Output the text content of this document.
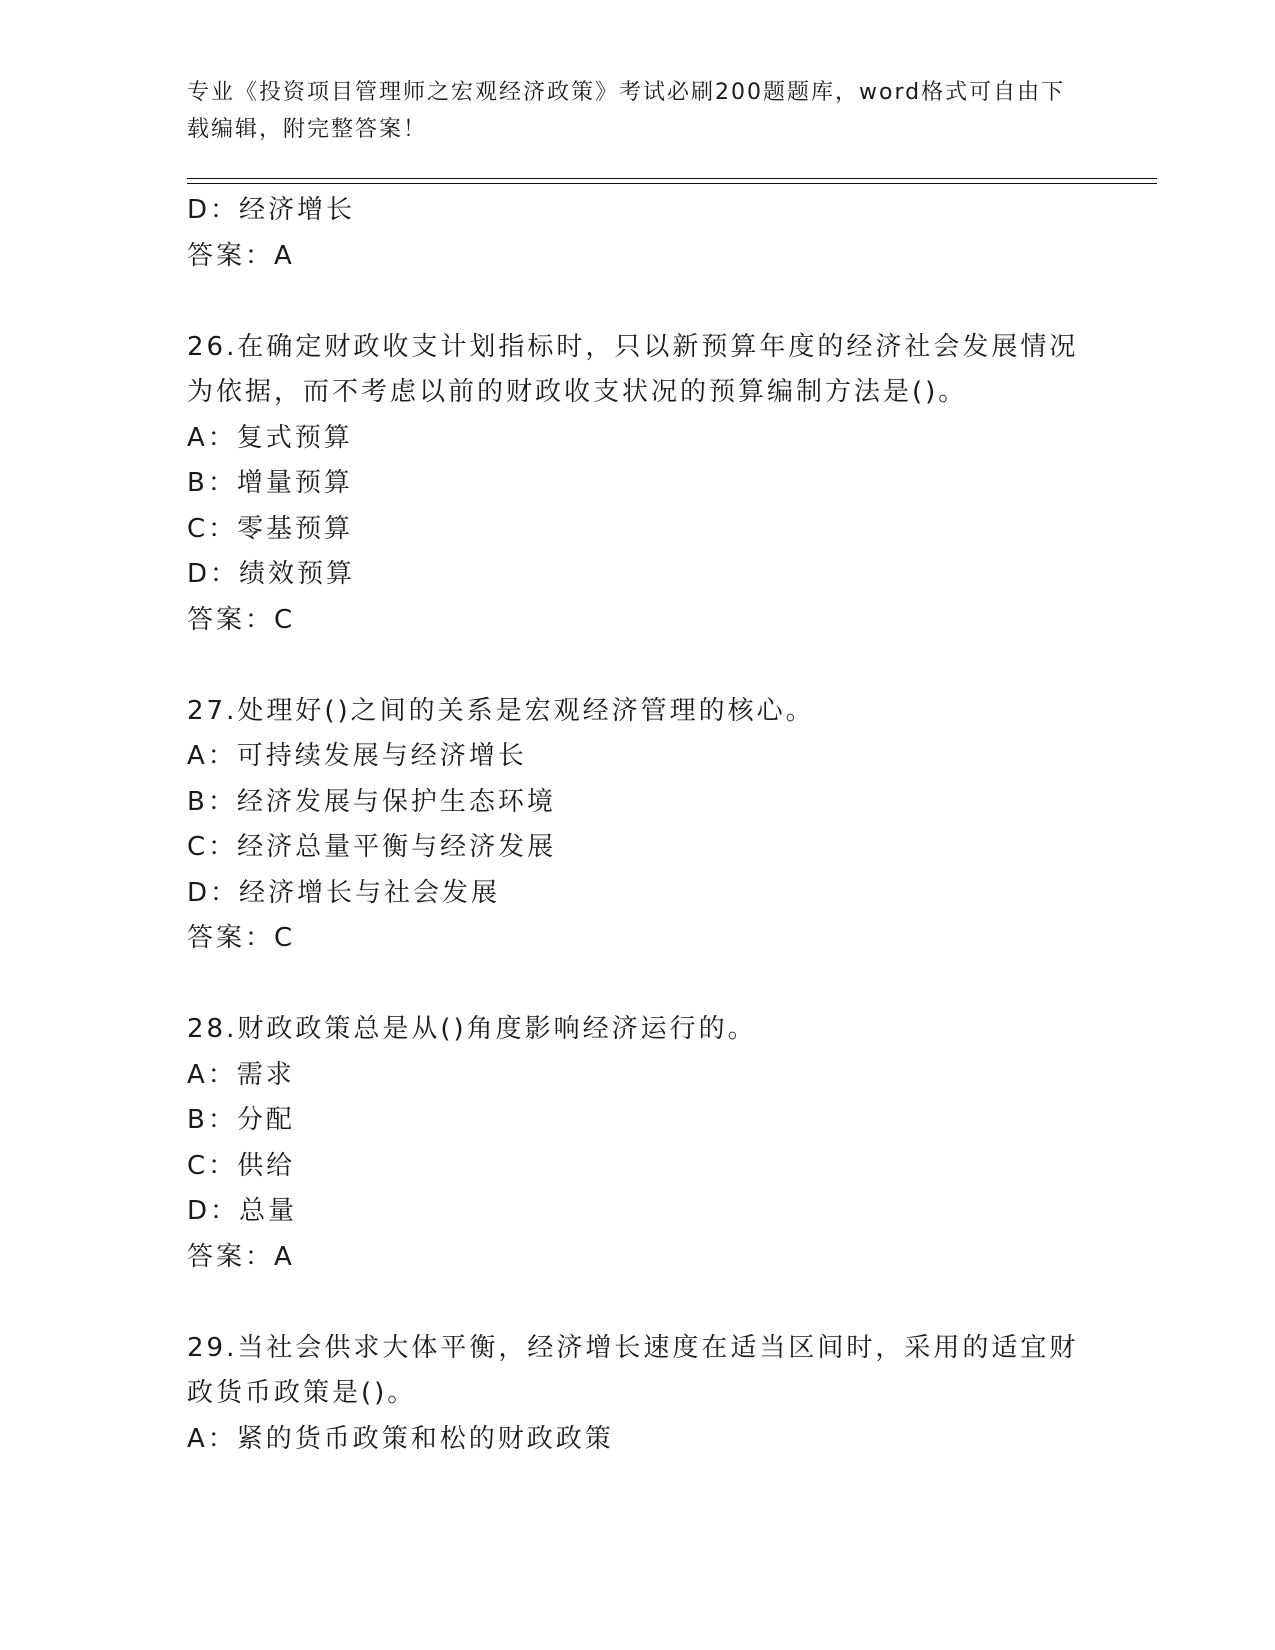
专业《投资项目管理师之宏观经济政策》考试必刷200题题库，word格式可自由下载编辑，附完整答案！
D：经济增长
答案：A
26.在确定财政收支计划指标时，只以新预算年度的经济社会发展情况为依据，而不考虑以前的财政收支状况的预算编制方法是()。
A：复式预算
B：增量预算
C：零基预算
D：绩效预算
答案：C
27.处理好()之间的关系是宏观经济管理的核心。
A：可持续发展与经济增长
B：经济发展与保护生态环境
C：经济总量平衡与经济发展
D：经济增长与社会发展
答案：C
28.财政政策总是从()角度影响经济运行的。
A：需求
B：分配
C：供给
D：总量
答案：A
29.当社会供求大体平衡，经济增长速度在适当区间时，采用的适宜财政货币政策是()。
A：紧的货币政策和松的财政政策
